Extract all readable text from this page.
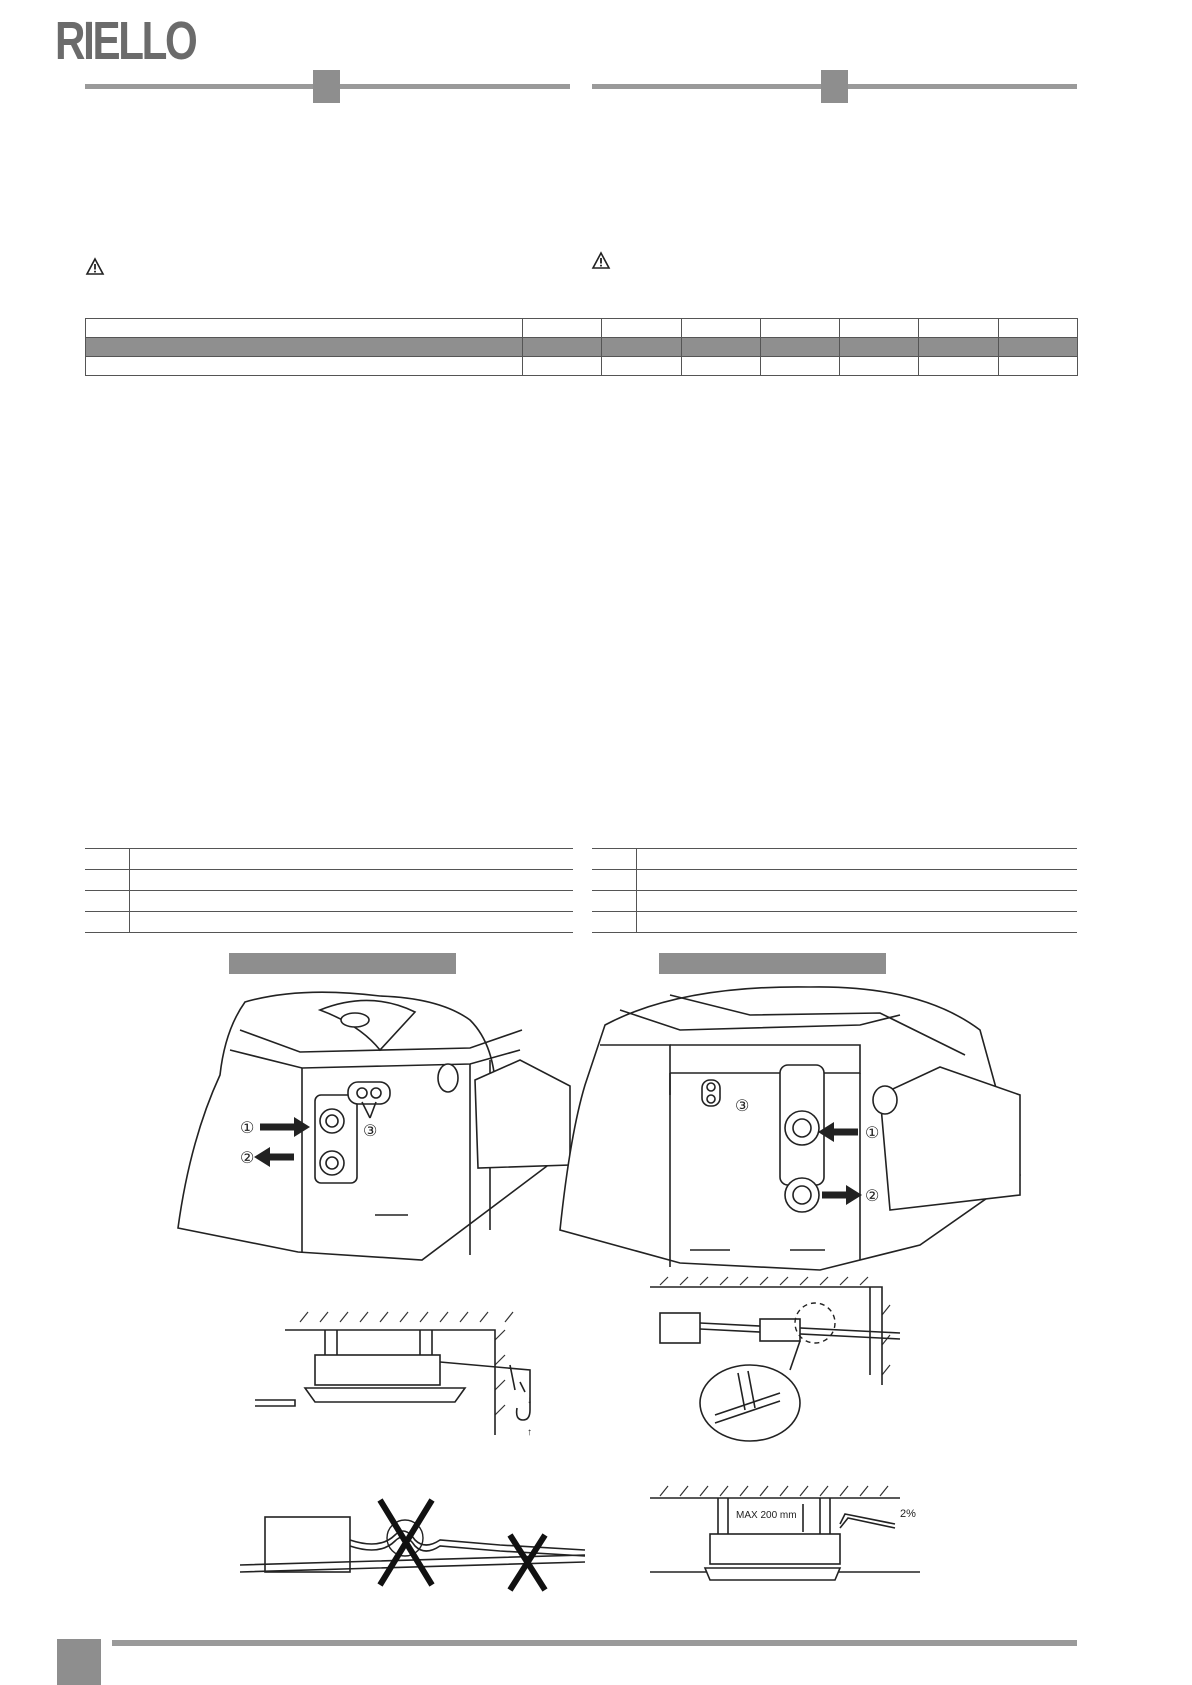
RIELLO

①
②
③	①
②
③
↓
↑
MAX 200 mm	2%
